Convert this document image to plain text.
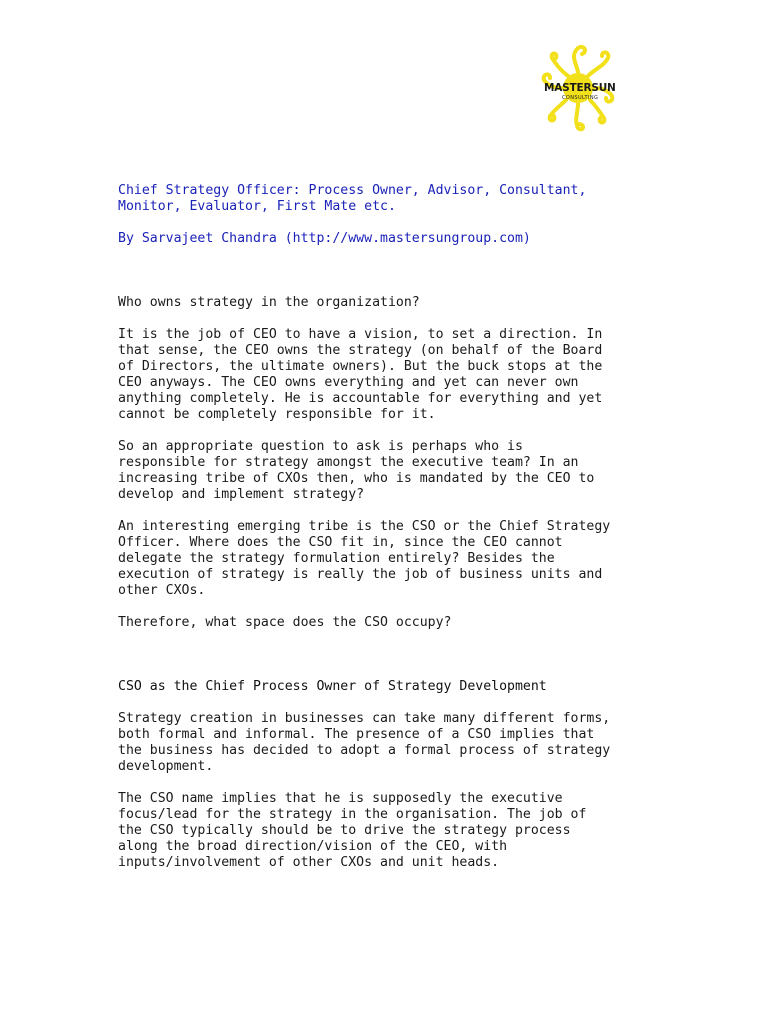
MASTERSUN
CONSULTING

Chief Strategy Officer: Process Owner, Advisor, Consultant,
Monitor, Evaluator, First Mate etc.

By Sarvajeet Chandra (http://www.mastersungroup.com)

Who owns strategy in the organization?

It is the job of CEO to have a vision, to set a direction. In
that sense, the CEO owns the strategy (on behalf of the Board
of Directors, the ultimate owners). But the buck stops at the
CEO anyways. The CEO owns everything and yet can never own
anything completely. He is accountable for everything and yet
cannot be completely responsible for it.

So an appropriate question to ask is perhaps who is
responsible for strategy amongst the executive team? In an
increasing tribe of CXOs then, who is mandated by the CEO to
develop and implement strategy?

An interesting emerging tribe is the CSO or the Chief Strategy
Officer. Where does the CSO fit in, since the CEO cannot
delegate the strategy formulation entirely? Besides the
execution of strategy is really the job of business units and
other CXOs.

Therefore, what space does the CSO occupy?

CSO as the Chief Process Owner of Strategy Development

Strategy creation in businesses can take many different forms,
both formal and informal. The presence of a CSO implies that
the business has decided to adopt a formal process of strategy
development.

The CSO name implies that he is supposedly the executive
focus/lead for the strategy in the organisation. The job of
the CSO typically should be to drive the strategy process
along the broad direction/vision of the CEO, with
inputs/involvement of other CXOs and unit heads.
